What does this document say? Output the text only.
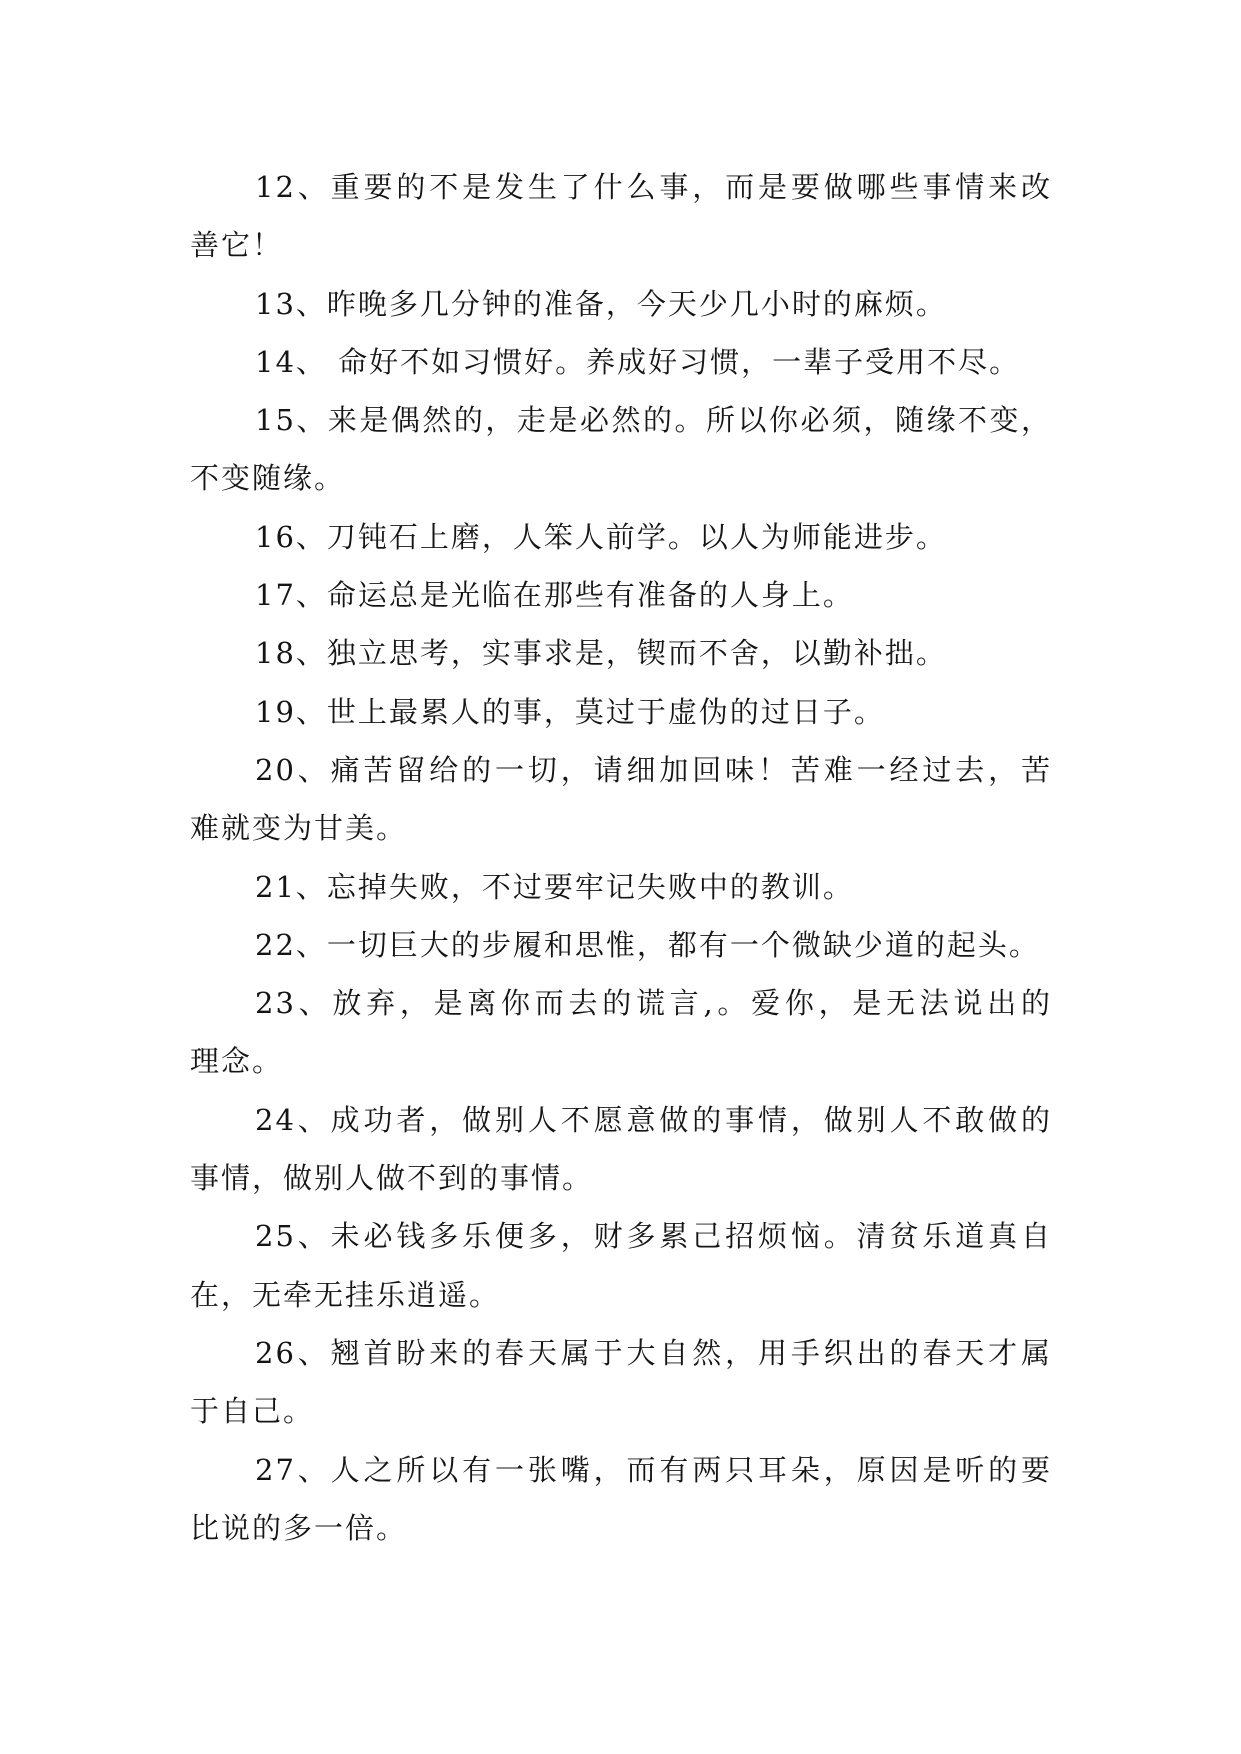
12、重要的不是发生了什么事，而是要做哪些事情来改
善它！
13、昨晚多几分钟的准备，今天少几小时的麻烦。
14、 命好不如习惯好。养成好习惯，一辈子受用不尽。
15、来是偶然的，走是必然的。所以你必须，随缘不变，
不变随缘。
16、刀钝石上磨，人笨人前学。以人为师能进步。
17、命运总是光临在那些有准备的人身上。
18、独立思考，实事求是，锲而不舍，以勤补拙。
19、世上最累人的事，莫过于虚伪的过日子。
20、痛苦留给的一切，请细加回味！苦难一经过去，苦
难就变为甘美。
21、忘掉失败，不过要牢记失败中的教训。
22、一切巨大的步履和思惟，都有一个微缺少道的起头。
23、放弃，是离你而去的谎言,。爱你，是无法说出的
理念。
24、成功者，做别人不愿意做的事情，做别人不敢做的
事情，做别人做不到的事情。
25、未必钱多乐便多，财多累己招烦恼。清贫乐道真自
在，无牵无挂乐逍遥。
26、翘首盼来的春天属于大自然，用手织出的春天才属
于自己。
27、人之所以有一张嘴，而有两只耳朵，原因是听的要
比说的多一倍。
